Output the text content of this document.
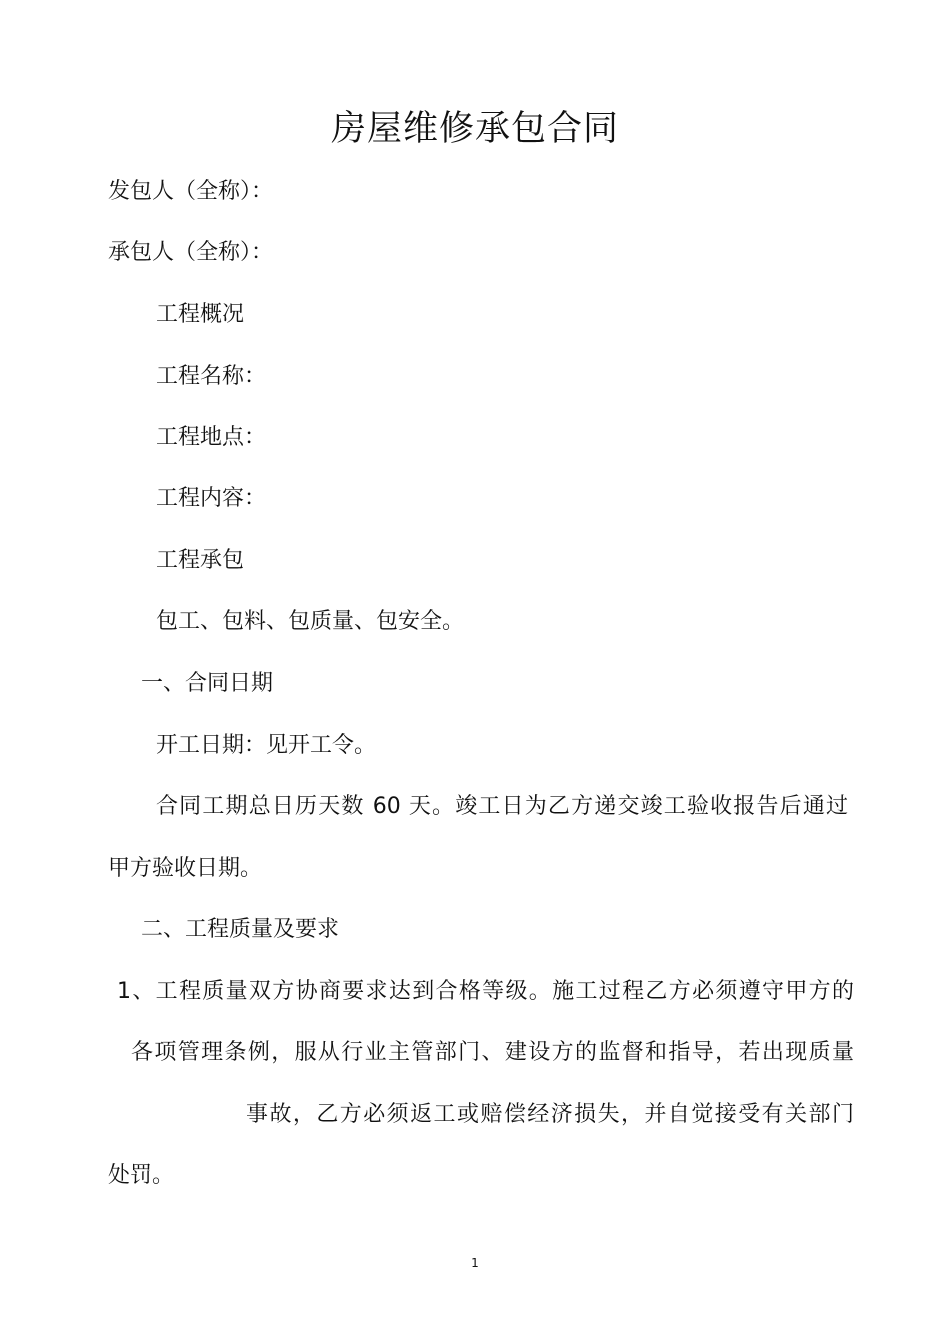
房屋维修承包合同
发包人（全称）：
承包人（全称）：
工程概况
工程名称：
工程地点：
工程内容：
工程承包
包工、包料、包质量、包安全。
一、合同日期
开工日期：见开工令。
合同工期总日历天数 60 天。竣工日为乙方递交竣工验收报告后通过
甲方验收日期。
二、工程质量及要求
1、工程质量双方协商要求达到合格等级。施工过程乙方必须遵守甲方的
各项管理条例，服从行业主管部门、建设方的监督和指导，若出现质量
事故，乙方必须返工或赔偿经济损失，并自觉接受有关部门
处罚。
1
